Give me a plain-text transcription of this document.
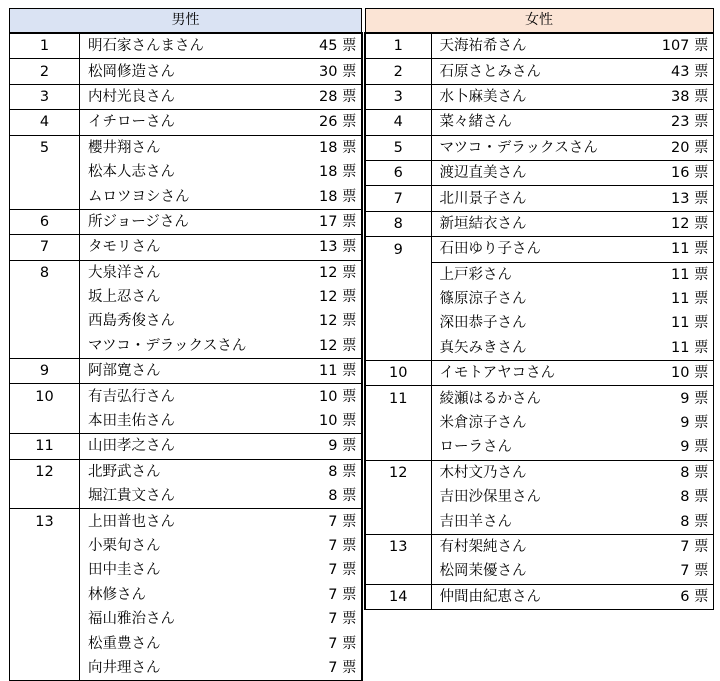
男性		
1	明石家さんまさん	45 票
2	松岡修造さん	30 票
3	内村光良さん	28 票
4	イチローさん	26 票
5	櫻井翔さん	18 票
	松本人志さん	18 票
	ムロツヨシさん	18 票
6	所ジョージさん	17 票
7	タモリさん	13 票
8	大泉洋さん	12 票
	坂上忍さん	12 票
	西島秀俊さん	12 票
	マツコ・デラックスさん	12 票
9	阿部寛さん	11 票
10	有吉弘行さん	10 票
	本田圭佑さん	10 票
11	山田孝之さん	9 票
12	北野武さん	8 票
	堀江貴文さん	8 票
13	上田普也さん	7 票
	小栗旬さん	7 票
	田中圭さん	7 票
	林修さん	7 票
	福山雅治さん	7 票
	松重豊さん	7 票
	向井理さん	7 票
女性		
1	天海祐希さん	107 票
2	石原さとみさん	43 票
3	水卜麻美さん	38 票
4	菜々緒さん	23 票
5	マツコ・デラックスさん	20 票
6	渡辺直美さん	16 票
7	北川景子さん	13 票
8	新垣結衣さん	12 票
9	石田ゆり子さん	11 票
	上戸彩さん	11 票
	篠原涼子さん	11 票
	深田恭子さん	11 票
	真矢みきさん	11 票
10	イモトアヤコさん	10 票
11	綾瀬はるかさん	9 票
	米倉涼子さん	9 票
	ローラさん	9 票
12	木村文乃さん	8 票
	吉田沙保里さん	8 票
	吉田羊さん	8 票
13	有村架純さん	7 票
	松岡茉優さん	7 票
14	仲間由紀恵さん	6 票
